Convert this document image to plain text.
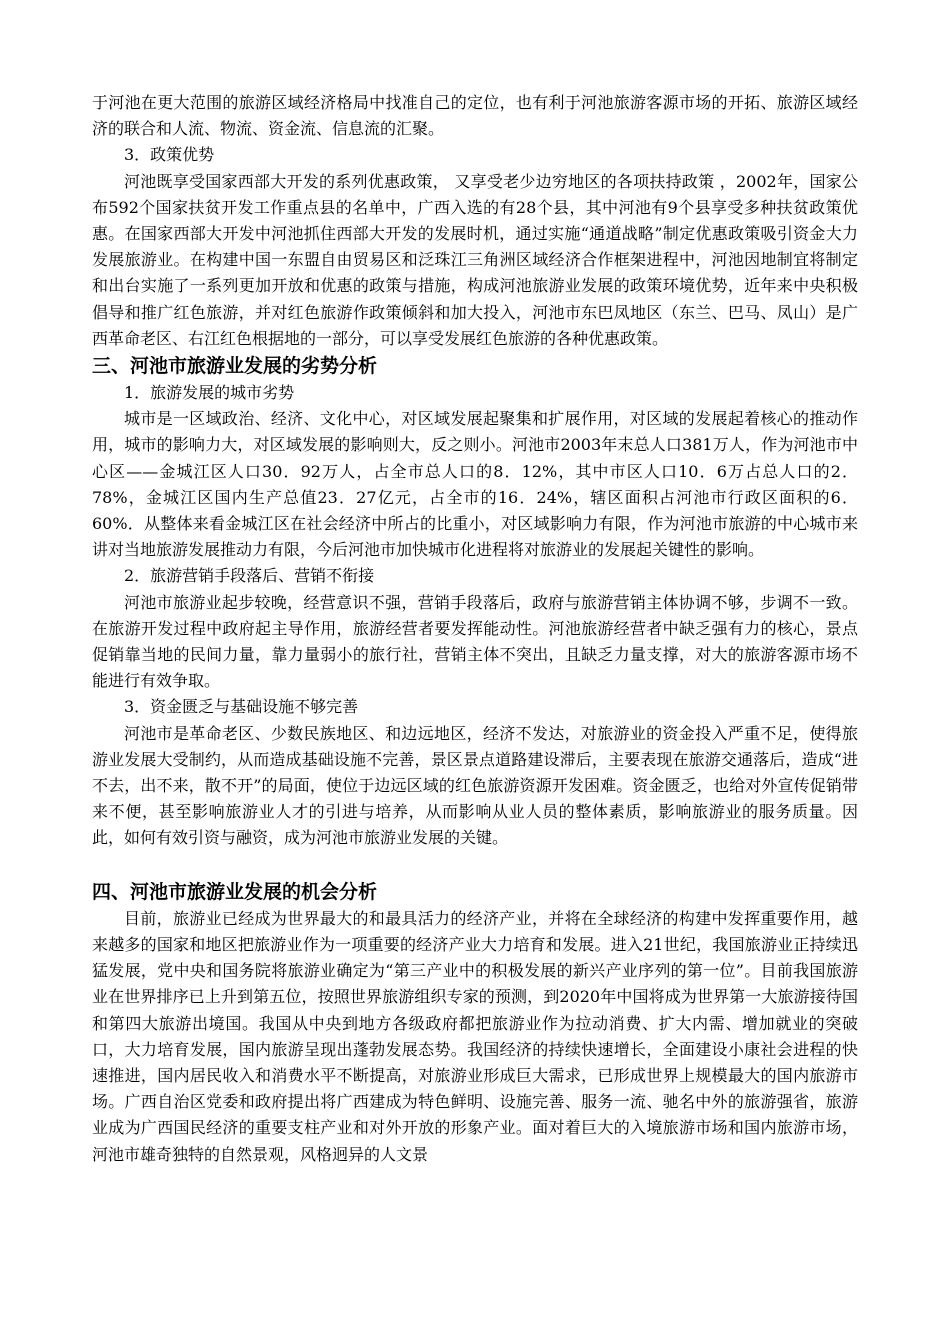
于河池在更大范围的旅游区域经济格局中找准自己的定位，也有利于河池旅游客源市场的开拓、旅游区域经济的联合和人流、物流、资金流、信息流的汇聚。

3．政策优势

河池既享受国家西部大开发的系列优惠政策， 又享受老少边穷地区的各项扶持政策 ，2002年，国家公布592个国家扶贫开发工作重点县的名单中，广西入选的有28个县，其中河池有9个县享受多种扶贫政策优惠。在国家西部大开发中河池抓住西部大开发的发展时机，通过实施“通道战略”制定优惠政策吸引资金大力发展旅游业。在构建中国一东盟自由贸易区和泛珠江三角洲区域经济合作框架进程中，河池因地制宜将制定和出台实施了一系列更加开放和优惠的政策与措施，构成河池旅游业发展的政策环境优势，近年来中央积极倡导和推广红色旅游，并对红色旅游作政策倾斜和加大投入，河池市东巴凤地区（东兰、巴马、凤山）是广西革命老区、右江红色根据地的一部分，可以享受发展红色旅游的各种优惠政策。

三、河池市旅游业发展的劣势分析

1．旅游发展的城市劣势

城市是一区域政治、经济、文化中心，对区域发展起聚集和扩展作用，对区域的发展起着核心的推动作用，城市的影响力大，对区域发展的影响则大，反之则小。河池市2003年末总人口381万人，作为河池市中心区——金城江区人口30．92万人，占全市总人口的8．12%，其中市区人口10．6万占总人口的2．78%，金城江区国内生产总值23．27亿元，占全市的16．24%，辖区面积占河池市行政区面积的6．60%．从整体来看金城江区在社会经济中所占的比重小，对区域影响力有限，作为河池市旅游的中心城市来讲对当地旅游发展推动力有限，今后河池市加快城市化进程将对旅游业的发展起关键性的影响。

2．旅游营销手段落后、营销不衔接

河池市旅游业起步较晚，经营意识不强，营销手段落后，政府与旅游营销主体协调不够，步调不一致。在旅游开发过程中政府起主导作用，旅游经营者要发挥能动性。河池旅游经营者中缺乏强有力的核心，景点促销靠当地的民间力量，靠力量弱小的旅行社，营销主体不突出，且缺乏力量支撑，对大的旅游客源市场不能进行有效争取。

3．资金匮乏与基础设施不够完善

河池市是革命老区、少数民族地区、和边远地区，经济不发达，对旅游业的资金投入严重不足，使得旅游业发展大受制约，从而造成基础设施不完善，景区景点道路建设滞后，主要表现在旅游交通落后，造成“进不去，出不来，散不开”的局面，使位于边远区域的红色旅游资源开发困难。资金匮乏，也给对外宣传促销带来不便，甚至影响旅游业人才的引进与培养，从而影响从业人员的整体素质，影响旅游业的服务质量。因此，如何有效引资与融资，成为河池市旅游业发展的关键。

四、河池市旅游业发展的机会分析

目前，旅游业已经成为世界最大的和最具活力的经济产业，并将在全球经济的构建中发挥重要作用，越来越多的国家和地区把旅游业作为一项重要的经济产业大力培育和发展。进入21世纪，我国旅游业正持续迅猛发展，党中央和国务院将旅游业确定为“第三产业中的积极发展的新兴产业序列的第一位”。目前我国旅游业在世界排序已上升到第五位，按照世界旅游组织专家的预测，到2020年中国将成为世界第一大旅游接待国和第四大旅游出境国。我国从中央到地方各级政府都把旅游业作为拉动消费、扩大内需、增加就业的突破口，大力培育发展，国内旅游呈现出蓬勃发展态势。我国经济的持续快速增长，全面建设小康社会进程的快速推进，国内居民收入和消费水平不断提高，对旅游业形成巨大需求，已形成世界上规模最大的国内旅游市场。广西自治区党委和政府提出将广西建成为特色鲜明、设施完善、服务一流、驰名中外的旅游强省，旅游业成为广西国民经济的重要支柱产业和对外开放的形象产业。面对着巨大的入境旅游市场和国内旅游市场，河池市雄奇独特的自然景观，风格迥异的人文景
